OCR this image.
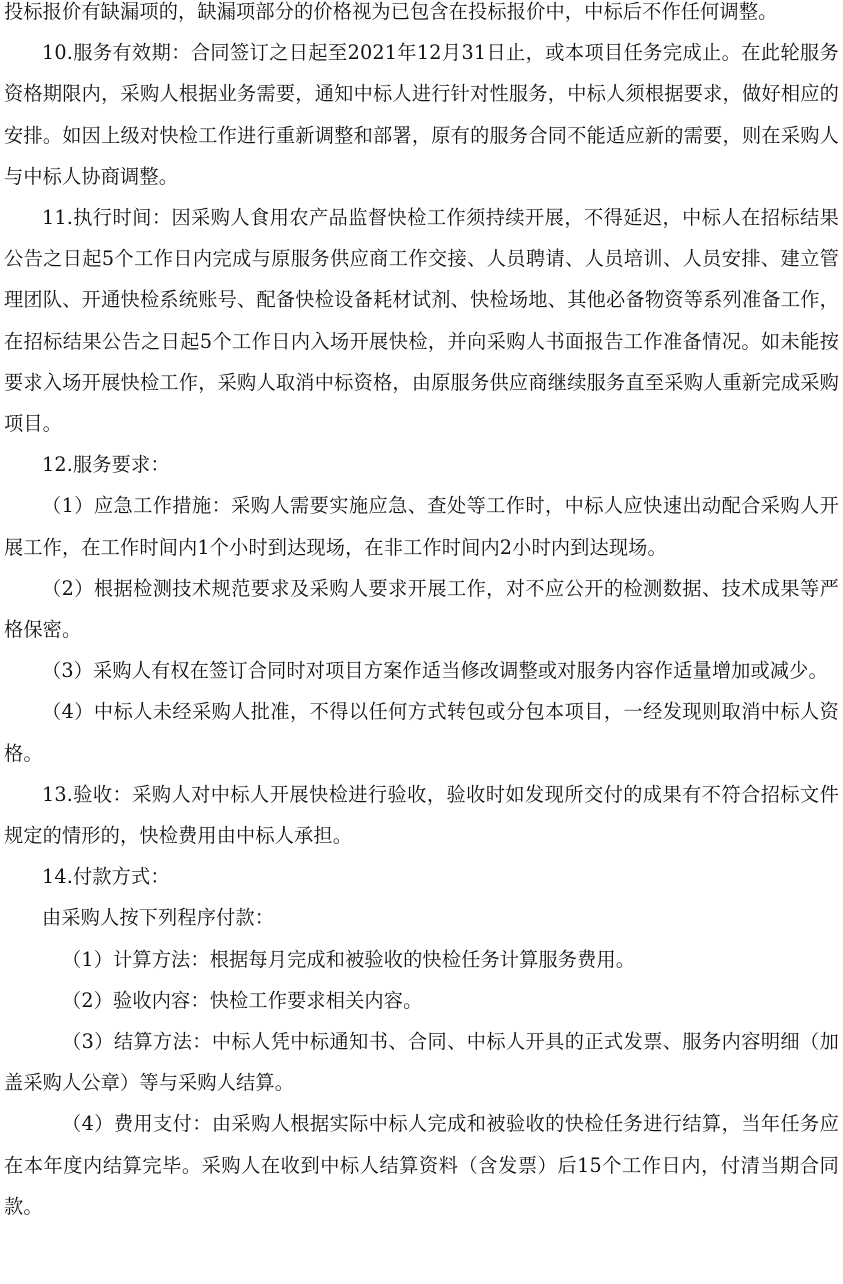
投标报价有缺漏项的，缺漏项部分的价格视为已包含在投标报价中，中标后不作任何调整。

10.服务有效期：合同签订之日起至2021年12月31日止，或本项目任务完成止。在此轮服务资格期限内，采购人根据业务需要，通知中标人进行针对性服务，中标人须根据要求，做好相应的安排。如因上级对快检工作进行重新调整和部署，原有的服务合同不能适应新的需要，则在采购人与中标人协商调整。

11.执行时间：因采购人食用农产品监督快检工作须持续开展，不得延迟，中标人在招标结果公告之日起5个工作日内完成与原服务供应商工作交接、人员聘请、人员培训、人员安排、建立管理团队、开通快检系统账号、配备快检设备耗材试剂、快检场地、其他必备物资等系列准备工作，在招标结果公告之日起5个工作日内入场开展快检，并向采购人书面报告工作准备情况。如未能按要求入场开展快检工作，采购人取消中标资格，由原服务供应商继续服务直至采购人重新完成采购项目。

12.服务要求：

（1）应急工作措施：采购人需要实施应急、查处等工作时，中标人应快速出动配合采购人开展工作，在工作时间内1个小时到达现场，在非工作时间内2小时内到达现场。

（2）根据检测技术规范要求及采购人要求开展工作，对不应公开的检测数据、技术成果等严格保密。

（3）采购人有权在签订合同时对项目方案作适当修改调整或对服务内容作适量增加或减少。

（4）中标人未经采购人批准，不得以任何方式转包或分包本项目，一经发现则取消中标人资格。

13.验收：采购人对中标人开展快检进行验收，验收时如发现所交付的成果有不符合招标文件规定的情形的，快检费用由中标人承担。

14.付款方式：

由采购人按下列程序付款：

（1）计算方法：根据每月完成和被验收的快检任务计算服务费用。

（2）验收内容：快检工作要求相关内容。

（3）结算方法：中标人凭中标通知书、合同、中标人开具的正式发票、服务内容明细（加盖采购人公章）等与采购人结算。

（4）费用支付：由采购人根据实际中标人完成和被验收的快检任务进行结算，当年任务应在本年度内结算完毕。采购人在收到中标人结算资料（含发票）后15个工作日内，付清当期合同款。
